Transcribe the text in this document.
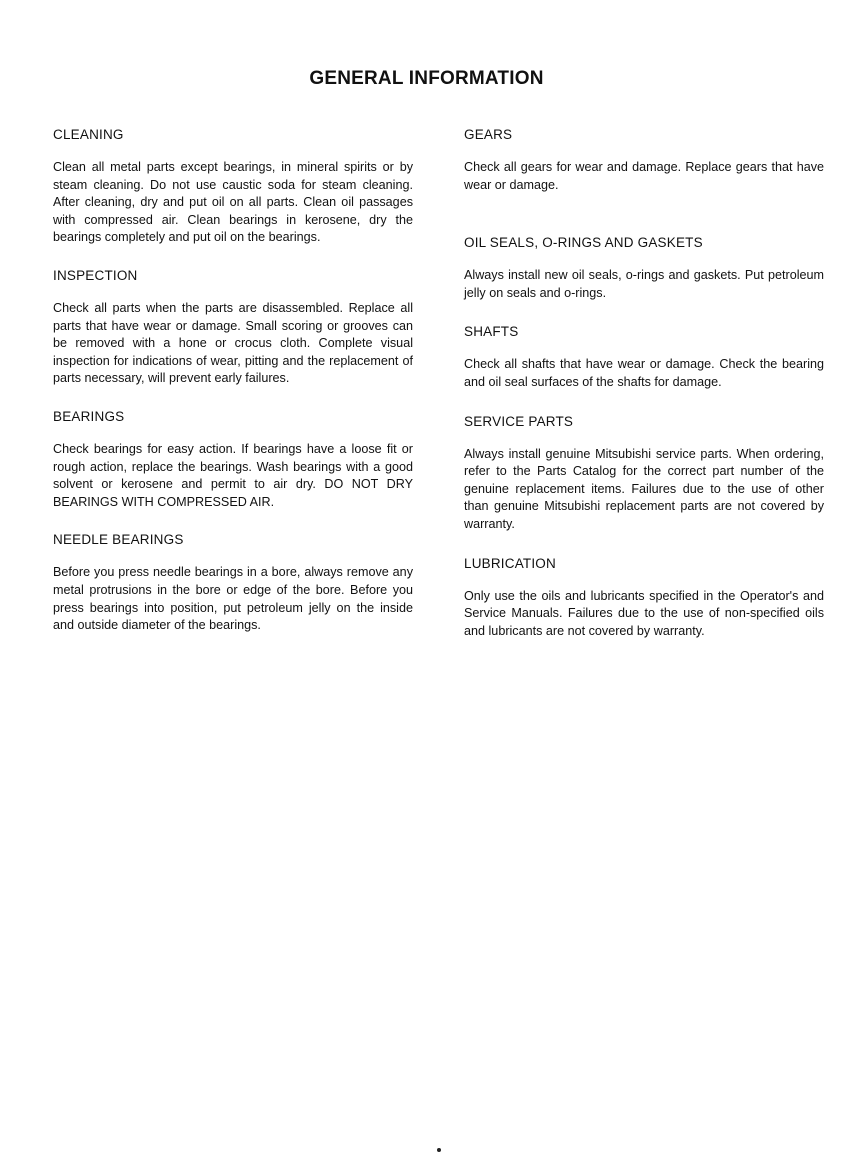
GENERAL INFORMATION
CLEANING

Clean all metal parts except bearings, in mineral spirits or by steam cleaning. Do not use caustic soda for steam cleaning. After cleaning, dry and put oil on all parts. Clean oil passages with compressed air. Clean bearings in kerosene, dry the bearings completely and put oil on the bearings.

INSPECTION

Check all parts when the parts are disassembled. Replace all parts that have wear or damage. Small scoring or grooves can be removed with a hone or crocus cloth. Complete visual inspection for indications of wear, pitting and the replacement of parts necessary, will prevent early failures.

BEARINGS

Check bearings for easy action. If bearings have a loose fit or rough action, replace the bearings. Wash bearings with a good solvent or kerosene and permit to air dry. DO NOT DRY BEARINGS WITH COMPRESSED AIR.

NEEDLE BEARINGS

Before you press needle bearings in a bore, always remove any metal protrusions in the bore or edge of the bore. Before you press bearings into position, put petroleum jelly on the inside and outside diameter of the bearings.

GEARS

Check all gears for wear and damage. Replace gears that have wear or damage.

OIL SEALS, O-RINGS AND GASKETS

Always install new oil seals, o-rings and gaskets. Put petroleum jelly on seals and o-rings.

SHAFTS

Check all shafts that have wear or damage. Check the bearing and oil seal surfaces of the shafts for damage.

SERVICE PARTS

Always install genuine Mitsubishi service parts. When ordering, refer to the Parts Catalog for the correct part number of the genuine replacement items. Failures due to the use of other than genuine Mitsubishi replacement parts are not covered by warranty.

LUBRICATION

Only use the oils and lubricants specified in the Operator's and Service Manuals. Failures due to the use of non-specified oils and lubricants are not covered by warranty.
